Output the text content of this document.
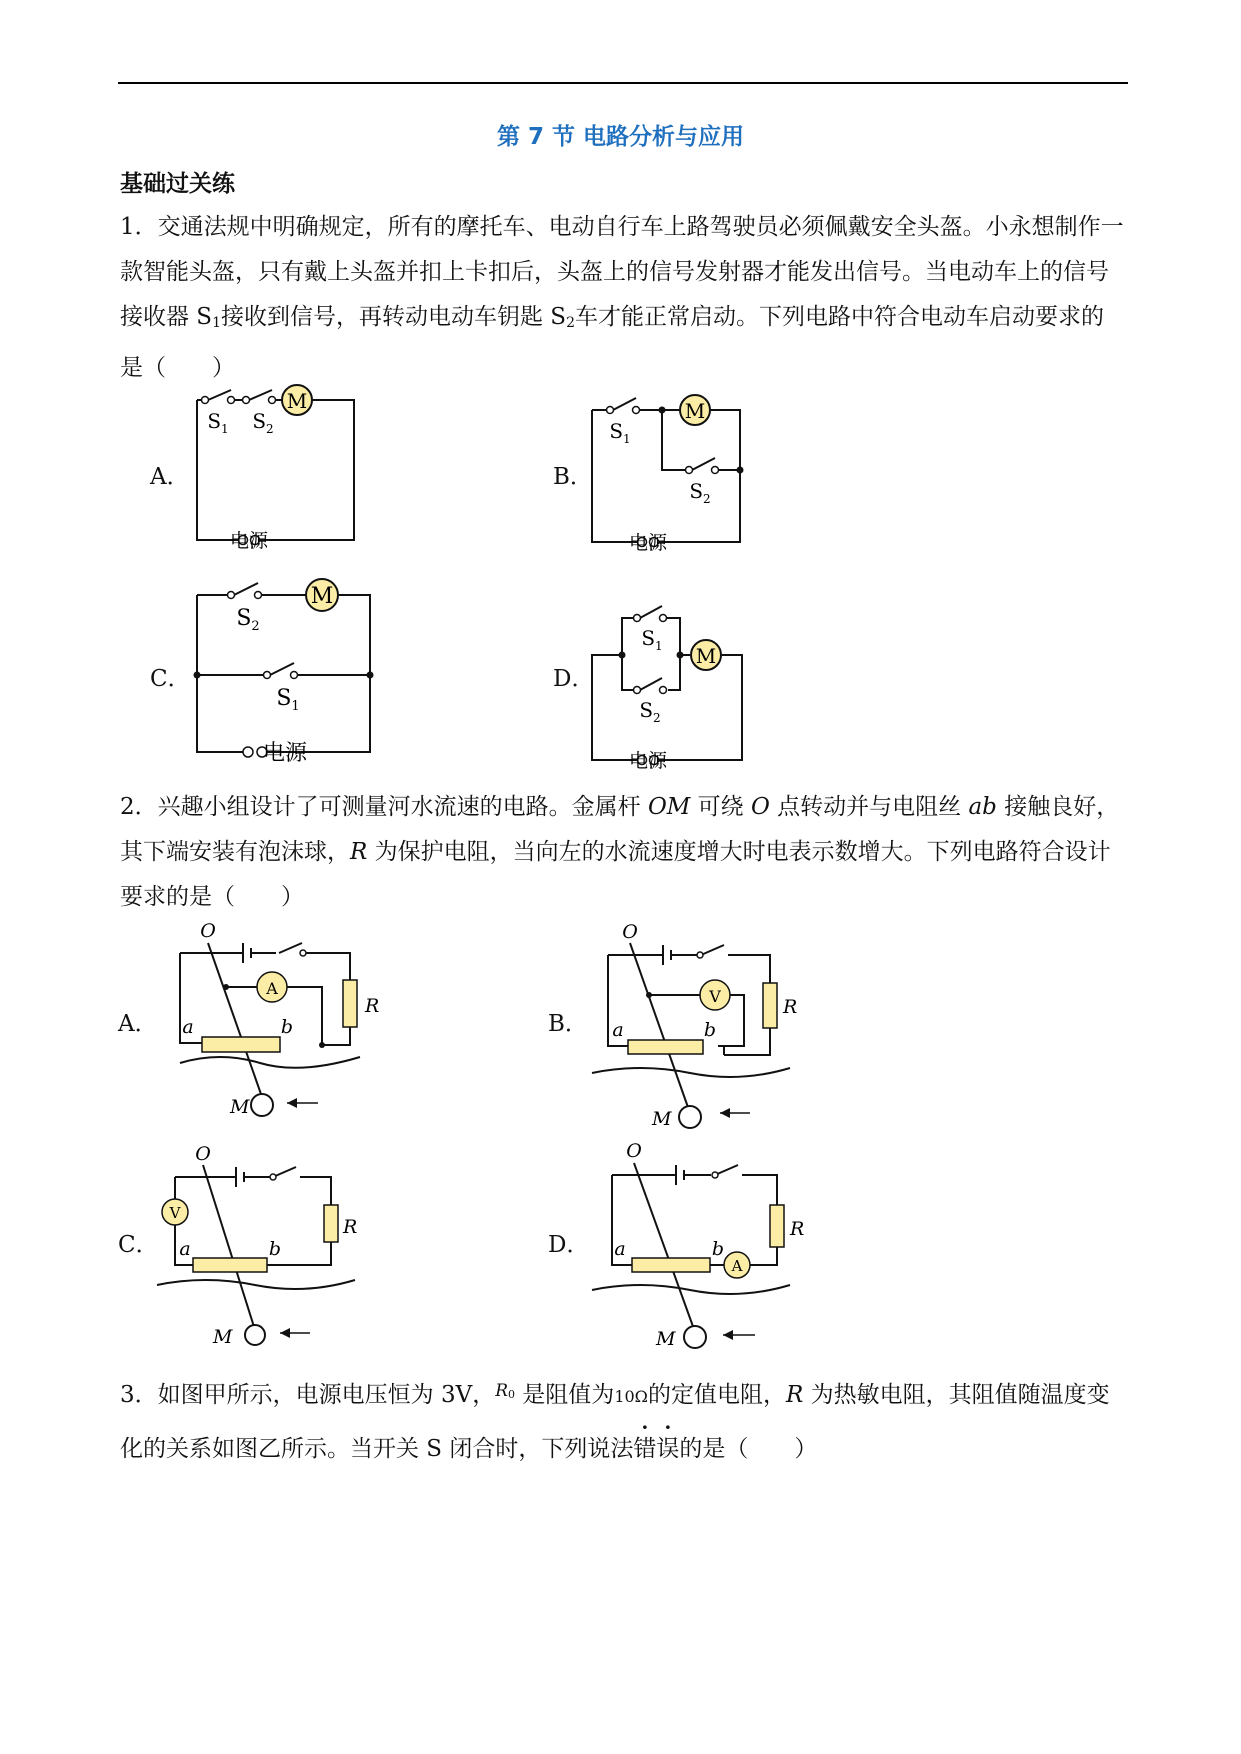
第 7 节 电路分析与应用
基础过关练
1．交通法规中明确规定，所有的摩托车、电动自行车上路驾驶员必须佩戴安全头盔。小永想制作一款智能头盔，只有戴上头盔并扣上卡扣后，头盔上的信号发射器才能发出信号。当电动车上的信号接收器 $S_1$接收到信号，再转动电动车钥匙 $S_2$车才能正常启动。下列电路中符合电动车启动要求的是（　　）
A．	B．
C．	D．
M
$S_1$ $S_2$
电源
M
$S_1$
$S_2$
电源
M
$S_2$
$S_1$
电源
M
$S_1$
$S_2$
电源
2．兴趣小组设计了可测量河水流速的电路。金属杆 OM 可绕 O 点转动并与电阻丝 ab 接触良好，其下端安装有泡沫球，R 为保护电阻，当向左的水流速度增大时电表示数增大。下列电路符合设计要求的是（　　）
A．	B．
C．	D．
A
O
a	b
R
M
V
O
a	b
R
M
V
O
a	b
R
M
A
O
a	b
R
M
3．如图甲所示，电源电压恒为 3V，$^R_0$ 是阻值为10Ω的定值电阻，R 为热敏电阻，其阻值随温度变化的关系如图乙所示。当开关 S 闭合时，下列说法错误的是（　　）
